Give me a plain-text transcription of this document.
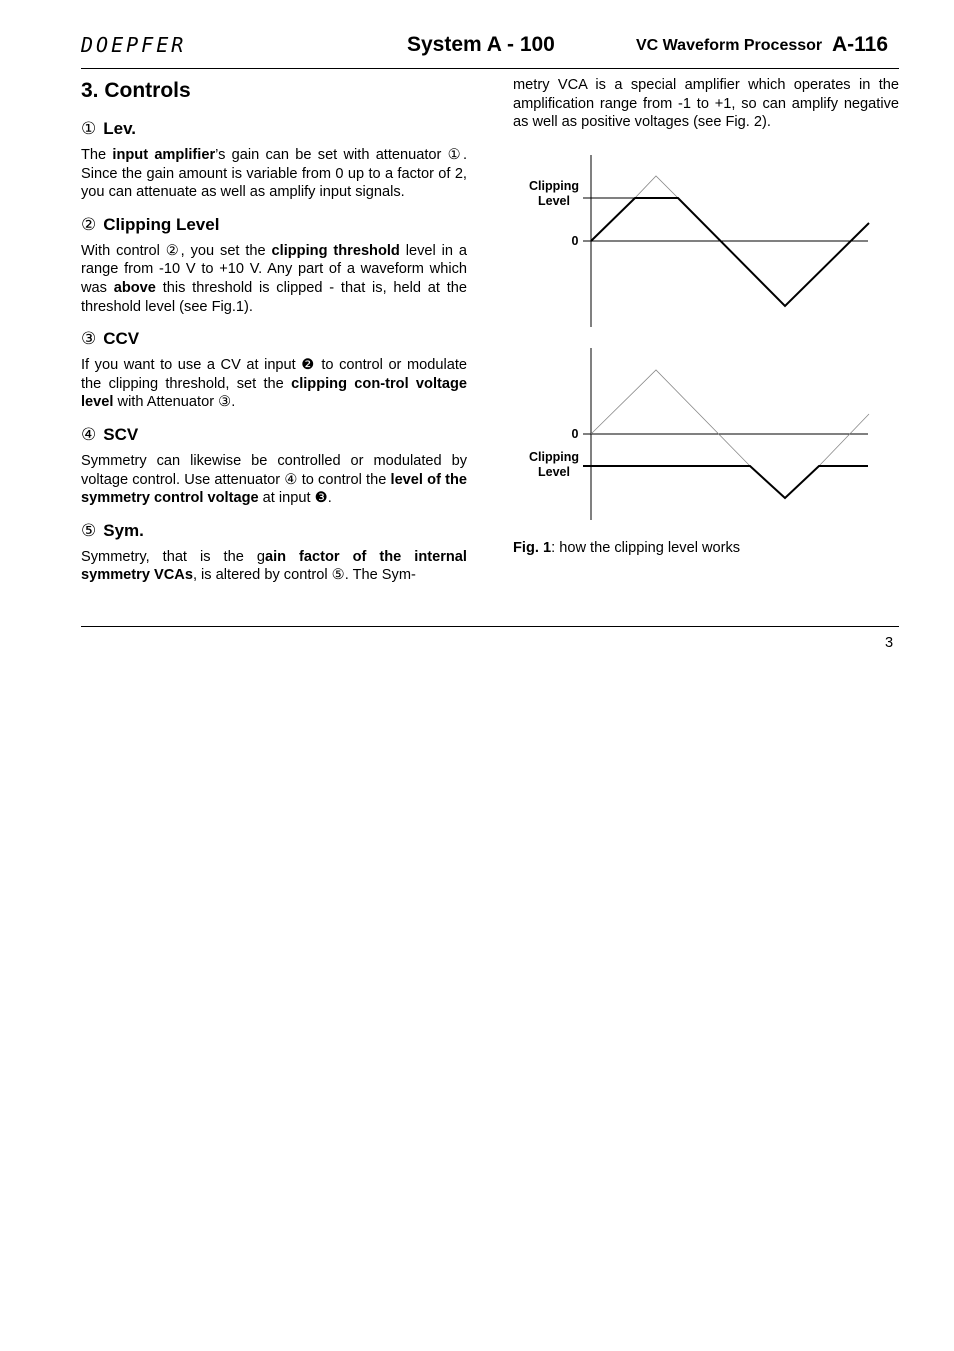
DOEPFER	System A - 100	VC Waveform Processor A-116
3. Controls
① Lev.

The input amplifier’s gain can be set with attenuator ①. Since the gain amount is variable from 0 up to a factor of 2, you can attenuate as well as amplify input signals.

② Clipping Level

With control ②, you set the clipping threshold level in a range from -10 V to +10 V. Any part of a waveform which was above this threshold is clipped - that is, held at the threshold level (see Fig.1).

③ CCV

If you want to use a CV at input ❷ to control or modulate the clipping threshold, set the clipping con-trol voltage level with Attenuator ③.

④ SCV

Symmetry can likewise be controlled or modulated by voltage control. Use attenuator ④ to control the level of the symmetry control voltage at input ❸.

⑤ Sym.

Symmetry, that is the gain factor of the internal symmetry VCAs, is altered by control ⑤. The Sym-

metry VCA is a special amplifier which operates in the amplification range from -1 to +1, so can amplify negative as well as positive voltages (see Fig. 2).

Clipping
Level
0
0
Clipping
Level
Fig. 1: how the clipping level works
3
